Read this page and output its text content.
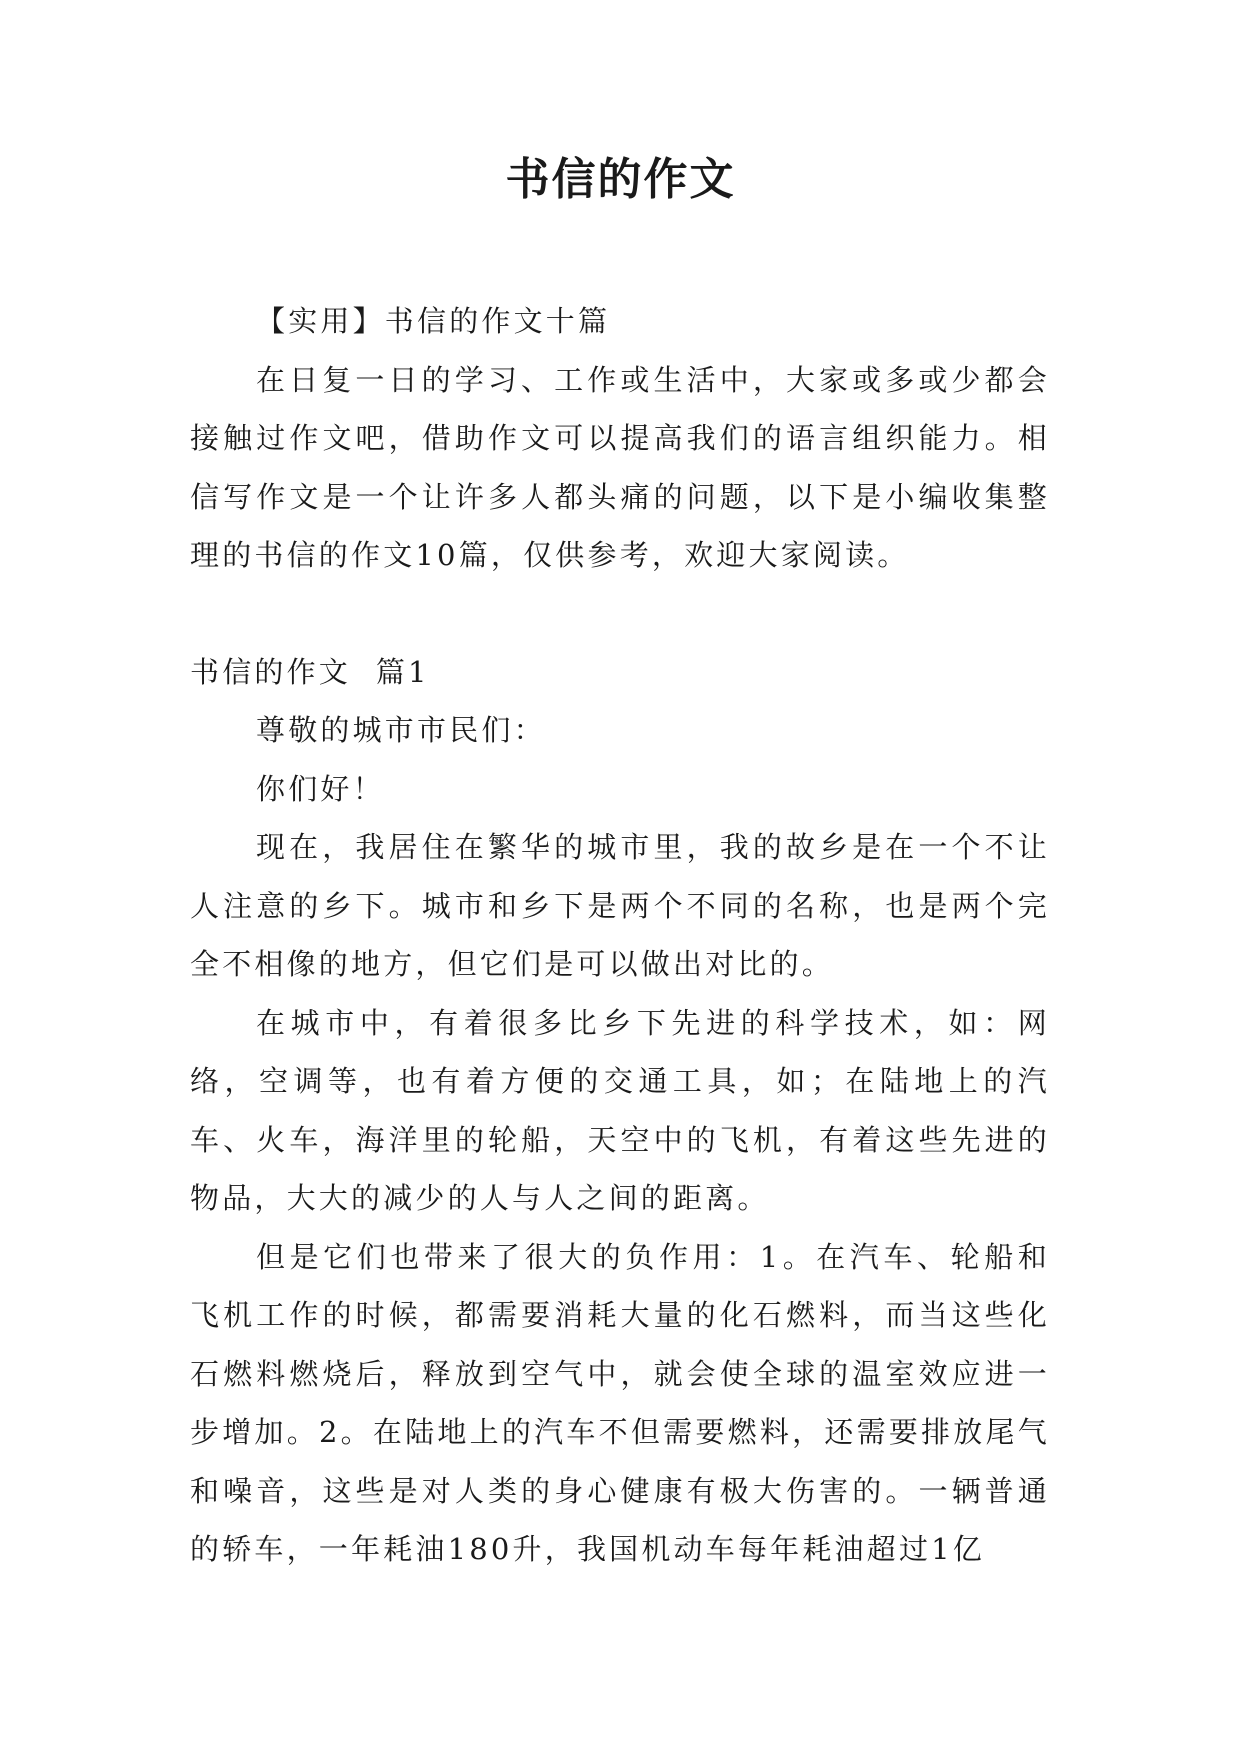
书信的作文

【实用】书信的作文十篇

在日复一日的学习、工作或生活中，大家或多或少都会接触过作文吧，借助作文可以提高我们的语言组织能力。相信写作文是一个让许多人都头痛的问题，以下是小编收集整理的书信的作文10篇，仅供参考，欢迎大家阅读。

书信的作文  篇1

尊敬的城市市民们：

你们好！

现在，我居住在繁华的城市里，我的故乡是在一个不让人注意的乡下。城市和乡下是两个不同的名称，也是两个完全不相像的地方，但它们是可以做出对比的。

在城市中，有着很多比乡下先进的科学技术，如：网络，空调等，也有着方便的交通工具，如；在陆地上的汽车、火车，海洋里的轮船，天空中的飞机，有着这些先进的物品，大大的减少的人与人之间的距离。

但是它们也带来了很大的负作用：1。在汽车、轮船和飞机工作的时候，都需要消耗大量的化石燃料，而当这些化石燃料燃烧后，释放到空气中，就会使全球的温室效应进一步增加。2。在陆地上的汽车不但需要燃料，还需要排放尾气和噪音，这些是对人类的身心健康有极大伤害的。一辆普通的轿车，一年耗油180升，我国机动车每年耗油超过1亿
